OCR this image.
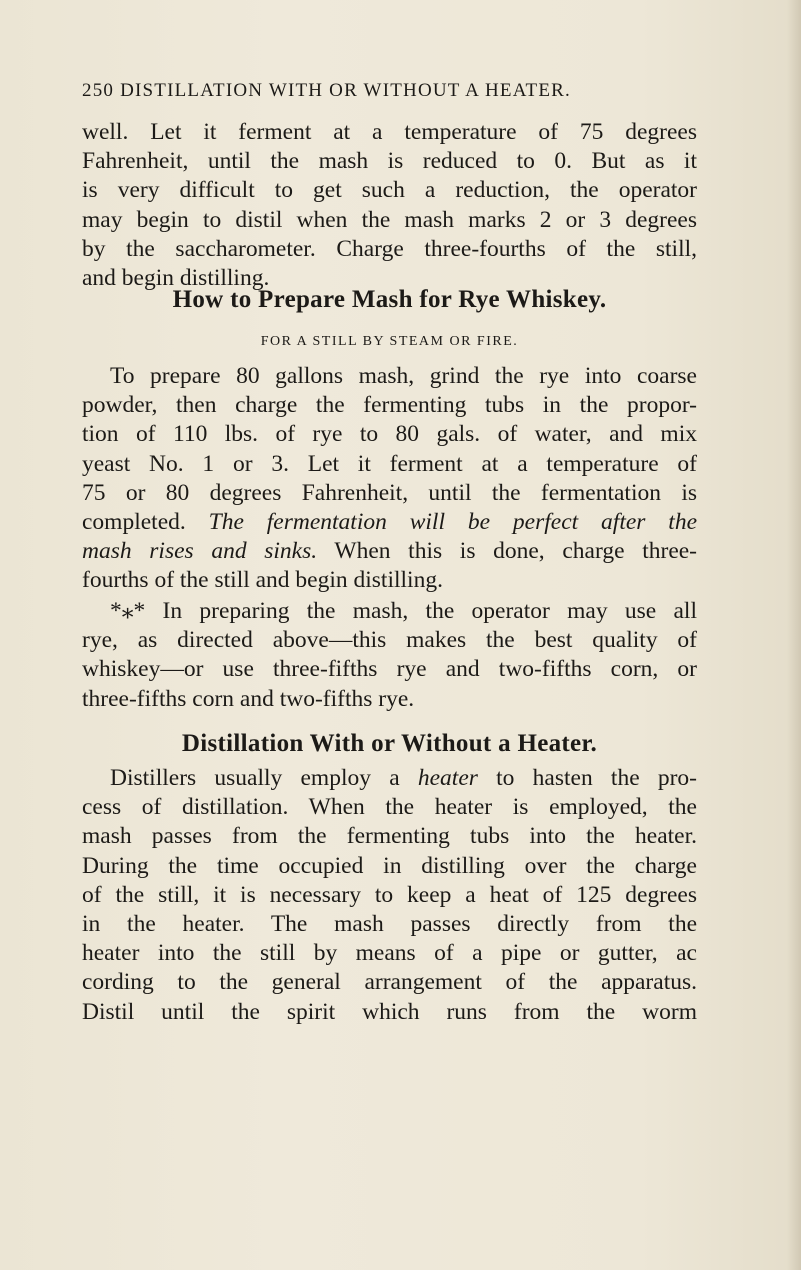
250 DISTILLATION WITH OR WITHOUT A HEATER.
well. Let it ferment at a temperature of 75 degrees
Fahrenheit, until the mash is reduced to 0. But as it
is very difficult to get such a reduction, the operator
may begin to distil when the mash marks 2 or 3 degrees
by the saccharometer. Charge three-fourths of the still,
and begin distilling.
How to Prepare Mash for Rye Whiskey.
FOR A STILL BY STEAM OR FIRE.
To prepare 80 gallons mash, grind the rye into coarse
powder, then charge the fermenting tubs in the propor-
tion of 110 lbs. of rye to 80 gals. of water, and mix
yeast No. 1 or 3. Let it ferment at a temperature of
75 or 80 degrees Fahrenheit, until the fermentation is
completed. The fermentation will be perfect after the
mash rises and sinks. When this is done, charge three-
fourths of the still and begin distilling.
*⁎* In preparing the mash, the operator may use all
rye, as directed above—this makes the best quality of
whiskey—or use three-fifths rye and two-fifths corn, or
three-fifths corn and two-fifths rye.
Distillation With or Without a Heater.
Distillers usually employ a heater to hasten the pro-
cess of distillation. When the heater is employed, the
mash passes from the fermenting tubs into the heater.
During the time occupied in distilling over the charge
of the still, it is necessary to keep a heat of 125 degrees
in the heater. The mash passes directly from the
heater into the still by means of a pipe or gutter, ac
cording to the general arrangement of the apparatus.
Distil until the spirit which runs from the worm
